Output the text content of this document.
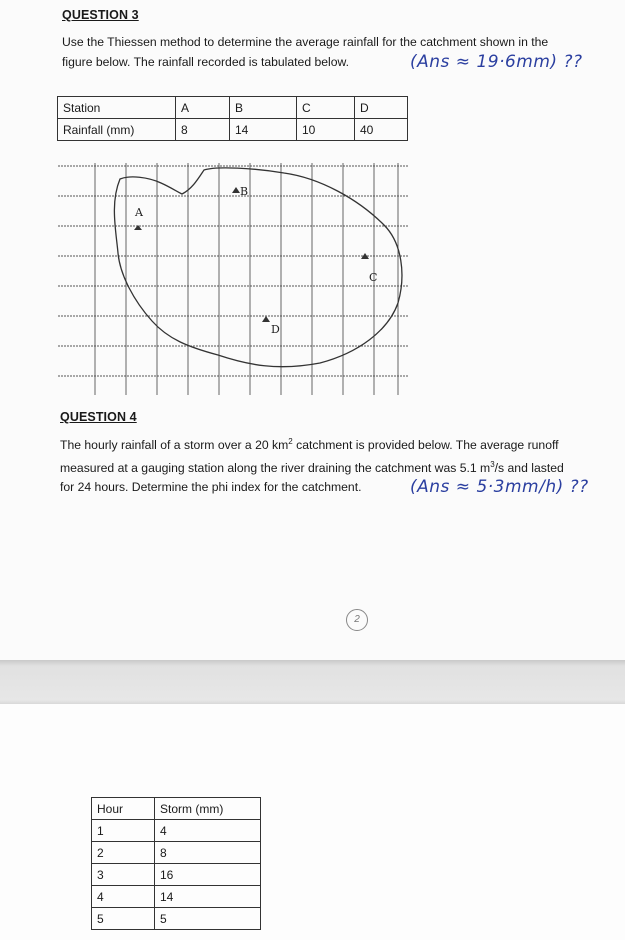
QUESTION 3
Use the Thiessen method to determine the average rainfall for the catchment shown in the
figure below. The rainfall recorded is tabulated below.	(Ans ≈ 19·6mm) ??
Station	A	B	C	D
Rainfall (mm)	8	14	10	40
A
B
C
D
QUESTION 4
The hourly rainfall of a storm over a 20 $km^2$ catchment is provided below. The average runoff
measured at a gauging station along the river draining the catchment was 5.1 $m^3/s$ and lasted
for 24 hours. Determine the phi index for the catchment.	(Ans ≈ 5·3mm/h) ??
2
Hour	Storm (mm)
1	4
2	8
3	16
4	14
5	5
